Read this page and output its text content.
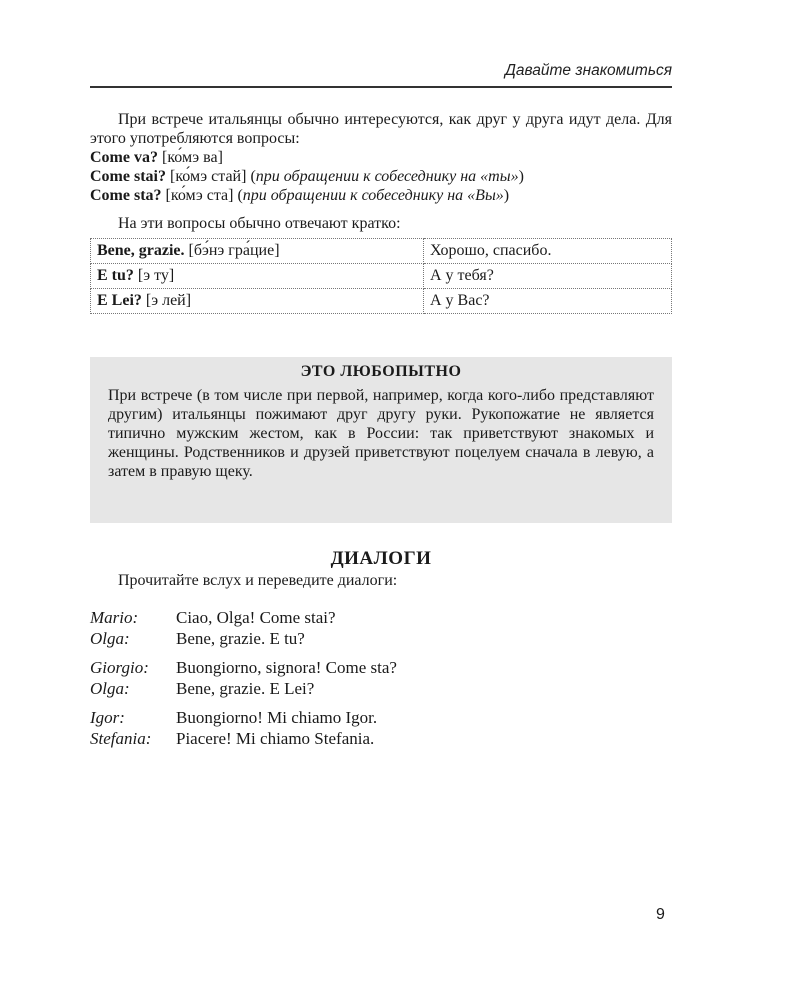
Давайте знакомиться

При встрече итальянцы обычно интересуются, как друг у друга идут дела. Для этого употребляются вопросы:

Come va? [ко́мэ ва]
Come stai? [ко́мэ стай] (при обращении к собеседнику на «ты»)
Come sta? [ко́мэ ста] (при обращении к собеседнику на «Вы»)
На эти вопросы обычно отвечают кратко:
Bene, grazie. [бэ́нэ гра́цие]	Хорошо, спасибо.
E tu? [э ту]	А у тебя?
E Lei? [э лей]	А у Вас?
ЭТО ЛЮБОПЫТНО
При встрече (в том числе при первой, например, когда кого-либо представляют другим) итальянцы пожимают друг другу руки. Рукопожатие не является типично мужским жестом, как в России: так приветствуют знакомых и женщины. Родственников и друзей приветствуют поцелуем сначала в левую, а затем в правую щеку.
ДИАЛОГИ
Прочитайте вслух и переведите диалоги:
Mario:	Ciao, Olga! Come stai?
Olga:	Bene, grazie. E tu?
Giorgio:	Buongiorno, signora! Come sta?
Olga:	Bene, grazie. E Lei?
Igor:	Buongiorno! Mi chiamo Igor.
Stefania:	Piacere! Mi chiamo Stefania.
9
